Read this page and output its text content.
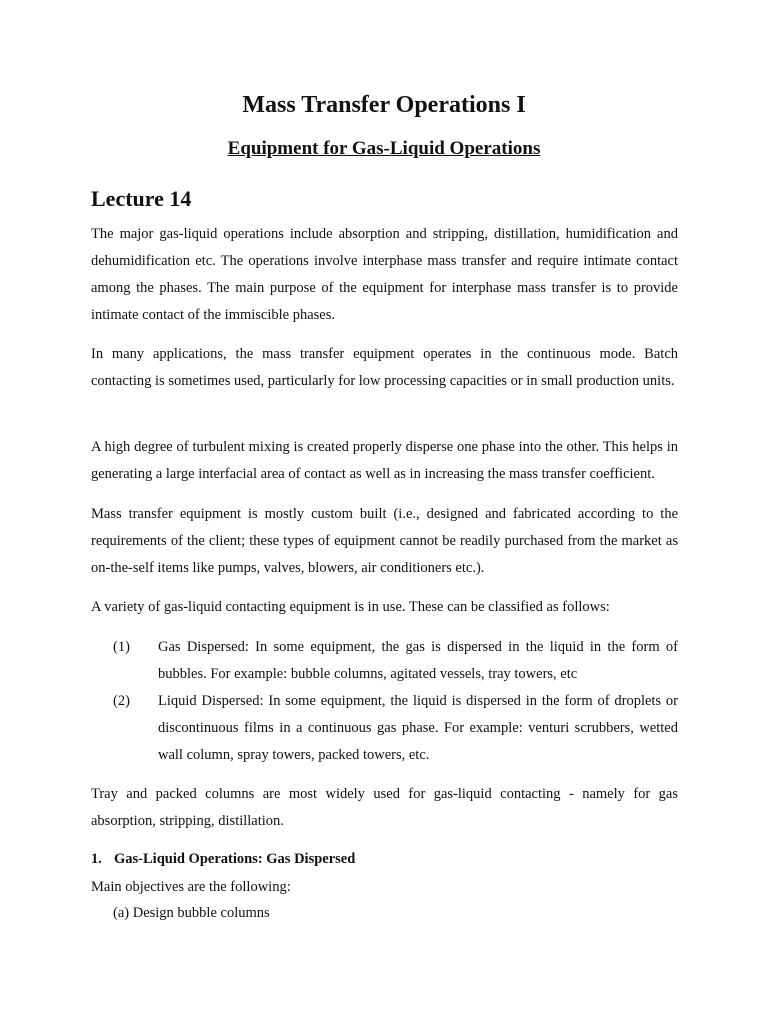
Mass Transfer Operations I
Equipment for Gas-Liquid Operations
Lecture 14

The major gas-liquid operations include absorption and stripping, distillation, humidification and dehumidification etc. The operations involve interphase mass transfer and require intimate contact among the phases. The main purpose of the equipment for interphase mass transfer is to provide intimate contact of the immiscible phases.

In many applications, the mass transfer equipment operates in the continuous mode. Batch contacting is sometimes used, particularly for low processing capacities or in small production units.

A high degree of turbulent mixing is created properly disperse one phase into the other. This helps in generating a large interfacial area of contact as well as in increasing the mass transfer coefficient.

Mass transfer equipment is mostly custom built (i.e., designed and fabricated according to the requirements of the client; these types of equipment cannot be readily purchased from the market as on-the-self items like pumps, valves, blowers, air conditioners etc.).

A variety of gas-liquid contacting equipment is in use. These can be classified as follows:

(1) Gas Dispersed: In some equipment, the gas is dispersed in the liquid in the form of bubbles. For example: bubble columns, agitated vessels, tray towers, etc
(2) Liquid Dispersed: In some equipment, the liquid is dispersed in the form of droplets or discontinuous films in a continuous gas phase. For example: venturi scrubbers, wetted wall column, spray towers, packed towers, etc.

Tray and packed columns are most widely used for gas-liquid contacting - namely for gas absorption, stripping, distillation.

1. Gas-Liquid Operations: Gas Dispersed

Main objectives are the following:

(a) Design bubble columns
